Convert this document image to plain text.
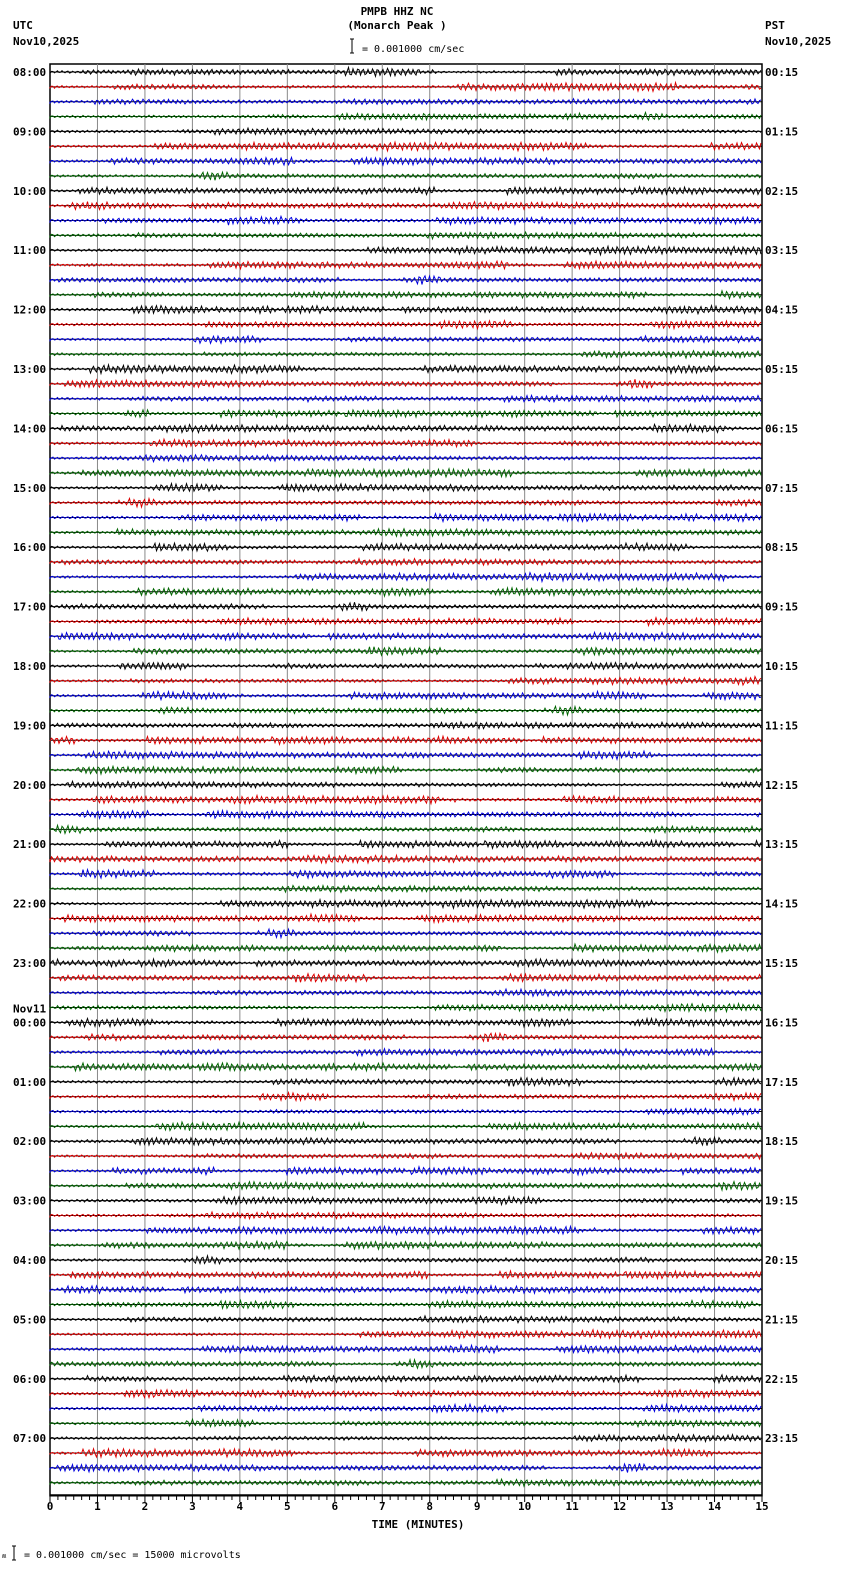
PMPB HHZ NC
(Monarch Peak )
UTC
Nov10,2025
PST
Nov10,2025
= 0.001000 cm/sec
08:00	00:15
09:00	01:15
10:00	02:15
11:00	03:15
12:00	04:15
13:00	05:15
14:00	06:15
15:00	07:15
16:00	08:15
17:00	09:15
18:00	10:15
19:00	11:15
20:00	12:15
21:00	13:15
22:00	14:15
23:00	15:15
00:00	16:15
Nov11
01:00	17:15
02:00	18:15
03:00	19:15
04:00	20:15
05:00	21:15
06:00	22:15
07:00	23:15
0	1	2	3	4	5	6	7	8	9	10	11	12	13	14	15
TIME (MINUTES)
ʍ = 0.001000 cm/sec = 15000 microvolts
